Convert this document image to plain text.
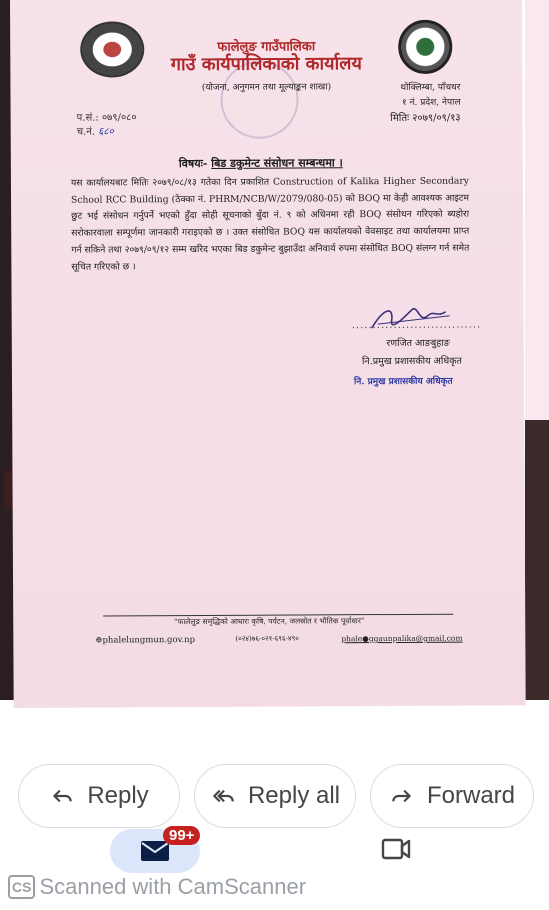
फालेलुङ गाउँपालिका
गाउँ कार्यपालिकाको कार्यालय
(योजना, अनुगमन तथा मूल्याङ्कन शाखा)	थोक्लिम्बा, पाँचथर
१ नं. प्रदेश, नेपाल
मितिः २०७९/०९/१३
प.सं.: ०७९/०८०
च.नं. ६८०
विषयः- बिड डकुमेन्ट संसोधन सम्बन्धमा ।
यस कार्यालयबाट मितिः २०७९/०८/१३ गतेका दिन प्रकाशित Construction of Kalika Higher Secondary School RCC Building (ठेक्का नं. PHRM/NCB/W/2079/080-05) को BOQ मा केही आवश्यक आइटम छुट भई संसोधन गर्नुपर्ने भएको हुँदा सोही सूचनाको बुँदा नं. ९ को अधिनमा रही BOQ संसोधन गरिएको ब्यहोरा सरोकारवाला सम्पूर्णमा जानकारी गराइएको छ । उक्त संसोधित BOQ यस कार्यालयको वेवसाइट तथा कार्यालयमा प्राप्त गर्न सकिने तथा २०७९/०९/१२ सम्म खरिद भएका बिड डकुमेन्ट बुझाउँदा अनिवार्य रुपमा संसोधित BOQ संलग्न गर्न समेत सूचित गरिएको छ ।
...............................
रणजित आङबुहाङ
नि.प्रमुख प्रशासकीय अधिकृत
नि. प्रमुख प्रशासकीय अधिकृत
"फालेलुङ समृद्धिको आधारः कृषि, पर्यटन, जलस्रोत र भौतिक पूर्वाधार"
⊕phalelungmun.gov.np	(०२४)७६-०२१-६९६-४९०	phale●ggaunpalika@gmail.com
Reply	Reply all	Forward
99+
CS Scanned with CamScanner
